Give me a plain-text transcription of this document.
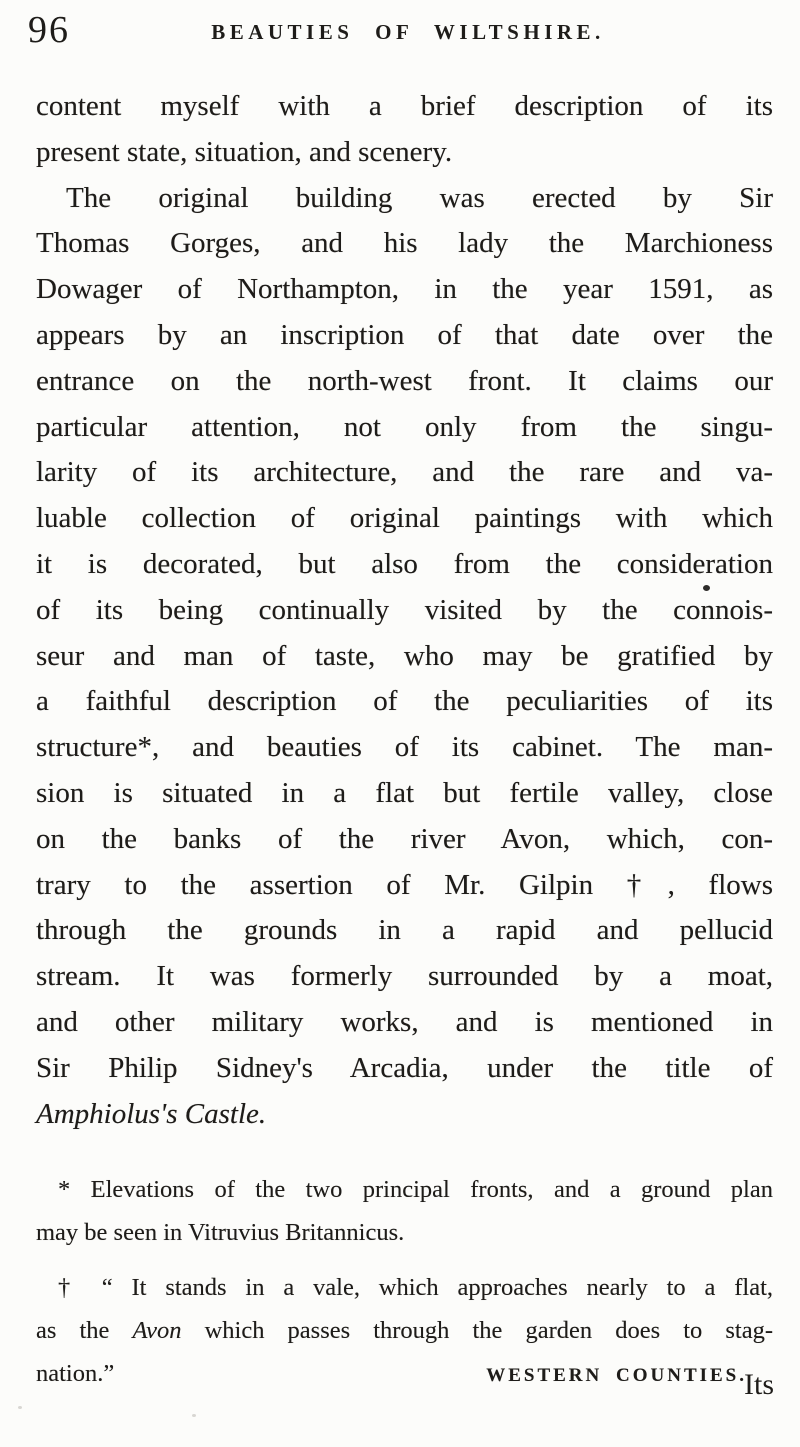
96	BEAUTIES OF WILTSHIRE.
content myself with a brief description of its
present state, situation, and scenery.
The original building was erected by Sir
Thomas Gorges, and his lady the Marchioness
Dowager of Northampton, in the year 1591, as
appears by an inscription of that date over the
entrance on the north-west front. It claims our
particular attention, not only from the singu-
larity of its architecture, and the rare and va-
luable collection of original paintings with which
it is decorated, but also from the consideration
of its being continually visited by the connois-
seur and man of taste, who may be gratified by
a faithful description of the peculiarities of its
structure*, and beauties of its cabinet. The man-
sion is situated in a flat but fertile valley, close
on the banks of the river Avon, which, con-
trary to the assertion of Mr. Gilpin †, flows
through the grounds in a rapid and pellucid
stream. It was formerly surrounded by a moat,
and other military works, and is mentioned in
Sir Philip Sidney's Arcadia, under the title of
Amphiolus's Castle.
* Elevations of the two principal fronts, and a ground plan
may be seen in Vitruvius Britannicus.
† “ It stands in a vale, which approaches nearly to a flat,
as the Avon which passes through the garden does to stag-
nation.”	WESTERN COUNTIES.
Its
